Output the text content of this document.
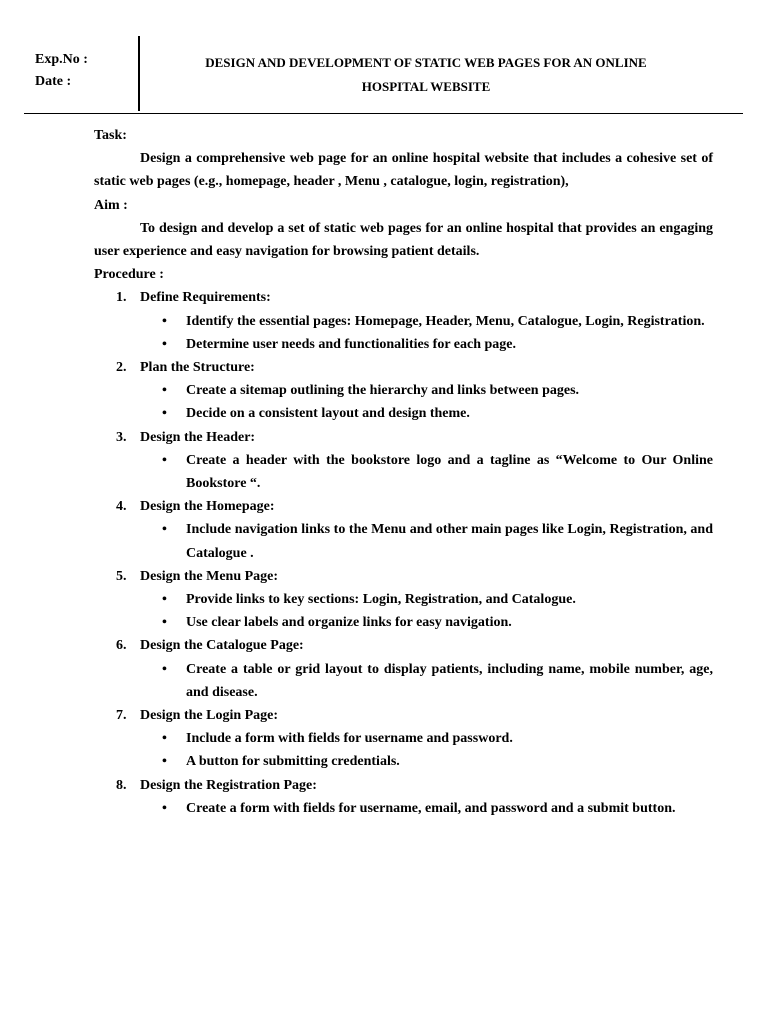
Exp.No :
Date :
DESIGN AND DEVELOPMENT OF STATIC WEB PAGES FOR AN ONLINE
HOSPITAL WEBSITE
Task:
Design a comprehensive web page for an online hospital website that includes a cohesive set of static web pages (e.g., homepage, header , Menu , catalogue, login, registration),
Aim :
To design and develop a set of static web pages for an online hospital that provides an engaging user experience and easy navigation for browsing patient details.
Procedure :
1. Define Requirements:
• Identify the essential pages: Homepage, Header, Menu, Catalogue, Login, Registration.
• Determine user needs and functionalities for each page.
2. Plan the Structure:
• Create a sitemap outlining the hierarchy and links between pages.
• Decide on a consistent layout and design theme.
3. Design the Header:
• Create a header with the bookstore logo and a tagline as “Welcome to Our Online Bookstore “.
4. Design the Homepage:
• Include navigation links to the Menu and other main pages like Login, Registration, and Catalogue .
5. Design the Menu Page:
• Provide links to key sections: Login, Registration, and Catalogue.
• Use clear labels and organize links for easy navigation.
6. Design the Catalogue Page:
• Create a table or grid layout to display patients, including name, mobile number, age, and disease.
7. Design the Login Page:
• Include a form with fields for username and password.
• A button for submitting credentials.
8. Design the Registration Page:
• Create a form with fields for username, email, and password and a submit button.
